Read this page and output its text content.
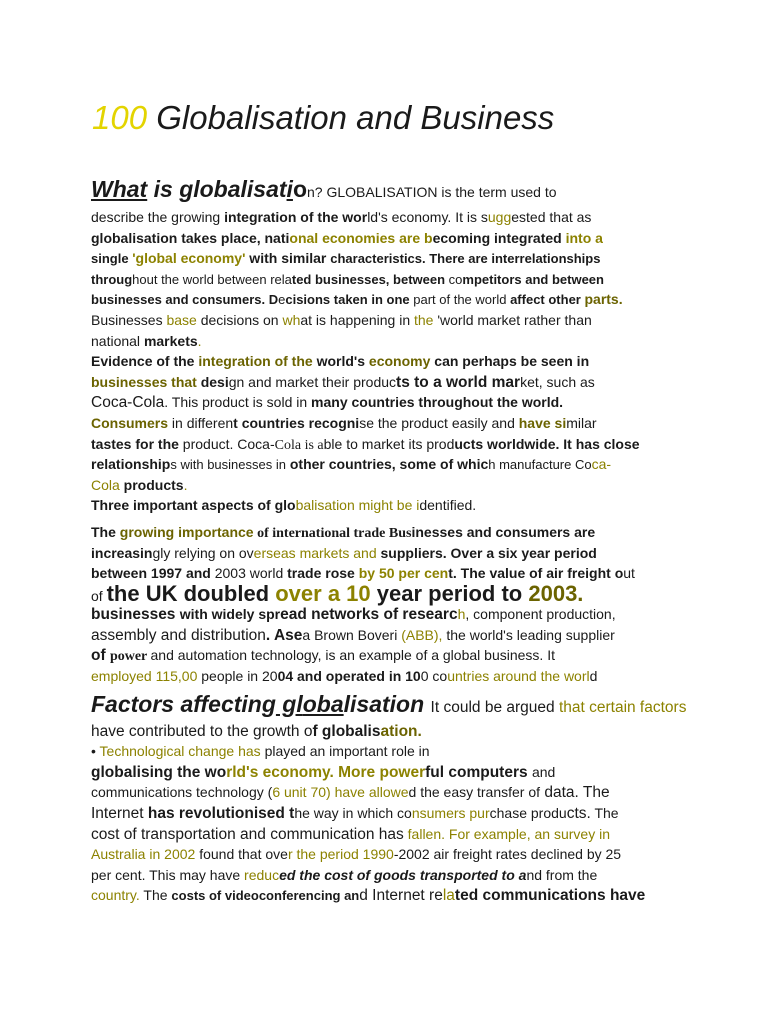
100 Globalisation and Business

What is globalisation? GLOBALISATION is the term used to

describe the growing integration of the world's economy. It is suggested that as

globalisation takes place, national economies are becoming integrated into a

single 'global economy' with similar characteristics. There are interrelationships

throughout the world between related businesses, between competitors and between

businesses and consumers. Decisions taken in one part of the world affect other parts.

Businesses base decisions on what is happening in the 'world market rather than

national markets.

Evidence of the integration of the world's economy can perhaps be seen in

businesses that design and market their products to a world market, such as

Coca-Cola. This product is sold in many countries throughout the world.

Consumers in different countries recognise the product easily and have similar

tastes for the product. Coca-Cola is able to market its products worldwide. It has close

relationships with businesses in other countries, some of which manufacture Coca-

Cola products.

Three important aspects of globalisation might be identified.

The growing importance of international trade Businesses and consumers are

increasingly relying on overseas markets and suppliers. Over a six year period

between 1997 and 2003 world trade rose by 50 per cent. The value of air freight out

of the UK doubled over a 10 year period to 2003.

businesses with widely spread networks of research, component production,

assembly and distribution. Asea Brown Boveri (ABB), the world's leading supplier

of power and automation technology, is an example of a global business. It

employed 115,00 people in 2004 and operated in 100 countries around the world

Factors affecting globalisation It could be argued that certain factors

have contributed to the growth of globalisation.

• Technological change has played an important role in

globalising the world's economy. More powerful computers and

communications technology (6 unit 70) have allowed the easy transfer of data. The

Internet has revolutionised the way in which consumers purchase products. The

cost of transportation and communication has fallen. For example, an survey in

Australia in 2002 found that over the period 1990-2002 air freight rates declined by 25

per cent. This may have reduced the cost of goods transported to and from the

country. The costs of videoconferencing and Internet related communications have
